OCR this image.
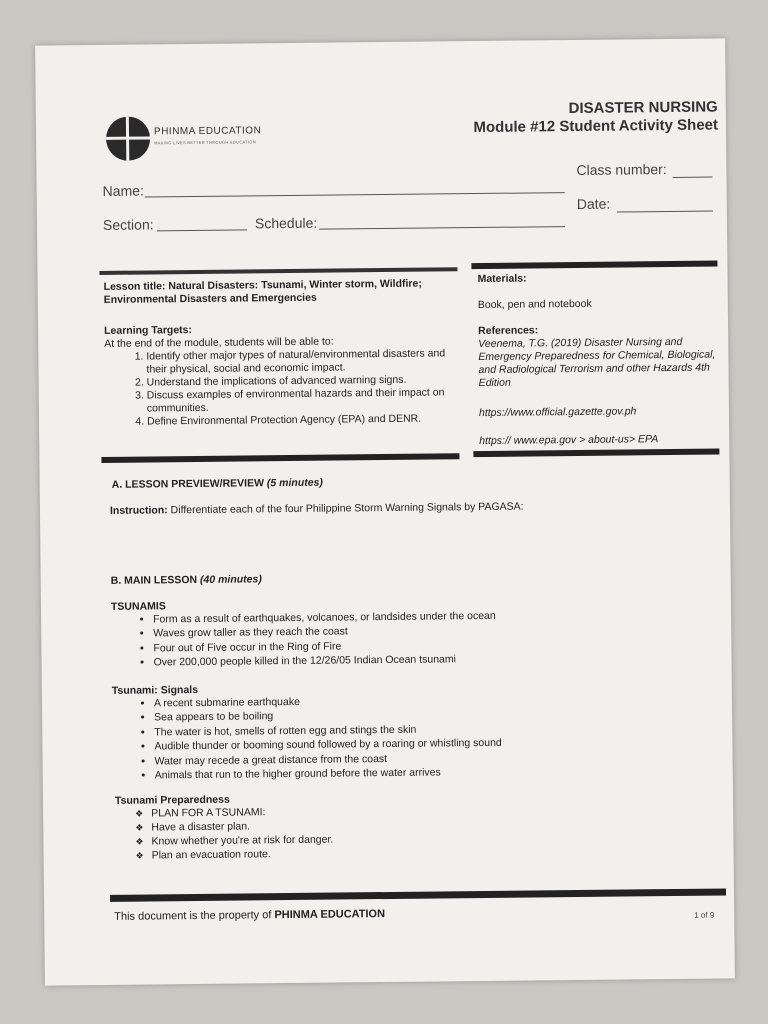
PHINMA EDUCATION
MAKING LIVES BETTER THROUGH EDUCATION
DISASTER NURSING
Module #12 Student Activity Sheet
Name:
Class number:
Section:	Schedule:
Date:
Lesson title: Natural Disasters: Tsunami, Winter storm, Wildfire; Environmental Disasters and Emergencies
Learning Targets:
At the end of the module, students will be able to:
1. Identify other major types of natural/environmental disasters and their physical, social and economic impact.
2. Understand the implications of advanced warning signs.
3. Discuss examples of environmental hazards and their impact on communities.
4. Define Environmental Protection Agency (EPA) and DENR.
Materials:
Book, pen and notebook
References:
Veenema, T.G. (2019) Disaster Nursing and Emergency Preparedness for Chemical, Biological, and Radiological Terrorism and other Hazards 4th Edition
https://www.official.gazette.gov.ph
https:// www.epa.gov > about-us> EPA
A. LESSON PREVIEW/REVIEW (5 minutes)
Instruction: Differentiate each of the four Philippine Storm Warning Signals by PAGASA:
B. MAIN LESSON (40 minutes)
TSUNAMIS
• Form as a result of earthquakes, volcanoes, or landsides under the ocean
• Waves grow taller as they reach the coast
• Four out of Five occur in the Ring of Fire
• Over 200,000 people killed in the 12/26/05 Indian Ocean tsunami
Tsunami: Signals
• A recent submarine earthquake
• Sea appears to be boiling
• The water is hot, smells of rotten egg and stings the skin
• Audible thunder or booming sound followed by a roaring or whistling sound
• Water may recede a great distance from the coast
• Animals that run to the higher ground before the water arrives
Tsunami Preparedness
❖ PLAN FOR A TSUNAMI:
❖ Have a disaster plan.
❖ Know whether you're at risk for danger.
❖ Plan an evacuation route.
This document is the property of PHINMA EDUCATION	1 of 9
